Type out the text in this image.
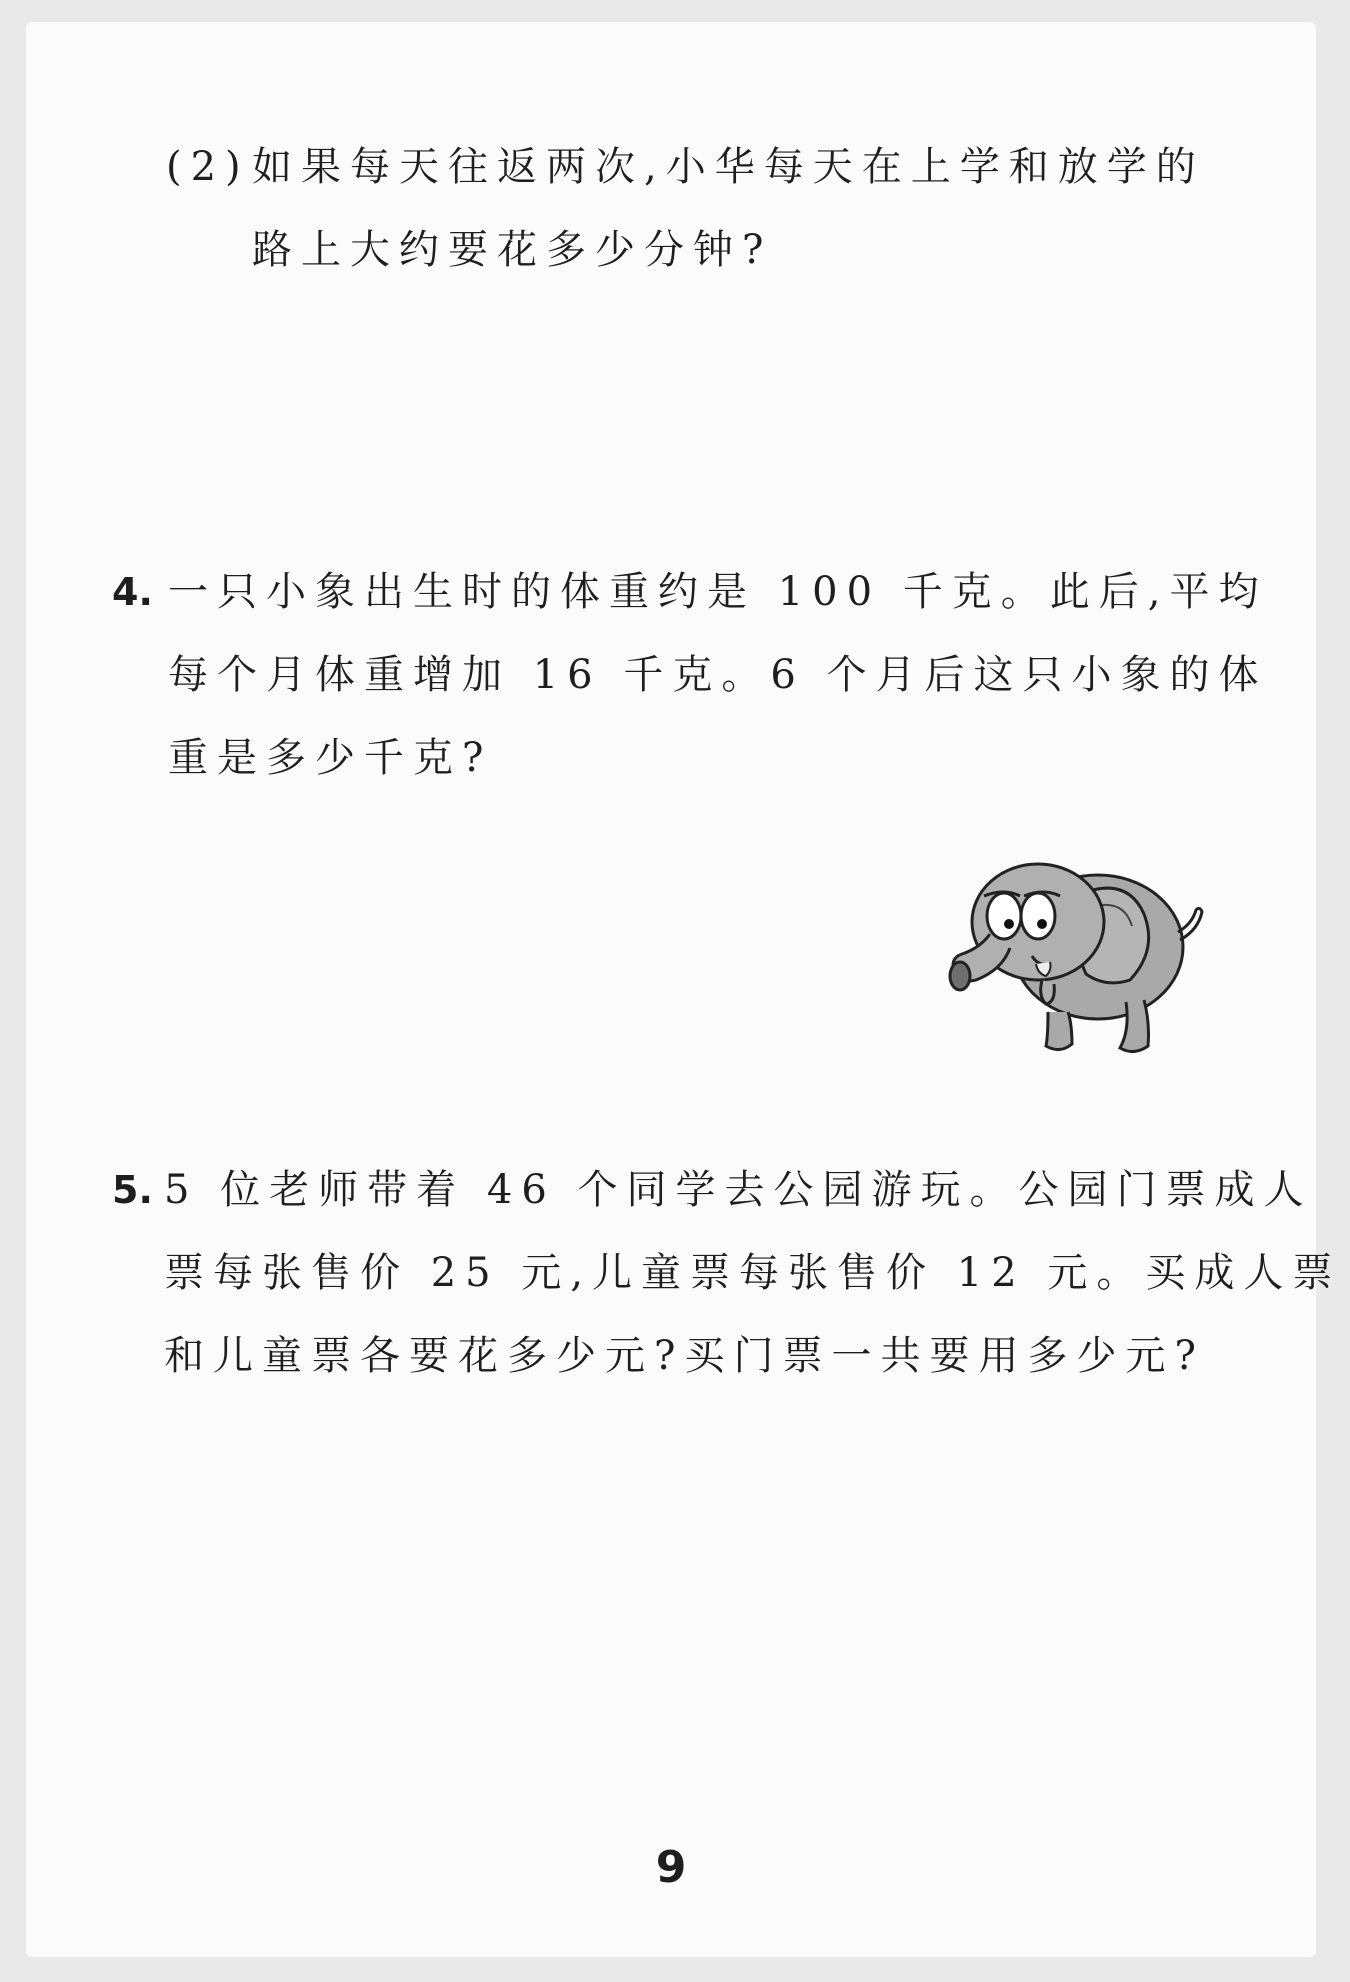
(2) 如果每天往返两次,小华每天在上学和放学的
路上大约要花多少分钟?
4. 一只小象出生时的体重约是 100 千克。此后,平均
每个月体重增加 16 千克。6 个月后这只小象的体
重是多少千克?
5. 5 位老师带着 46 个同学去公园游玩。公园门票成人
票每张售价 25 元,儿童票每张售价 12 元。买成人票
和儿童票各要花多少元?买门票一共要用多少元?
9
